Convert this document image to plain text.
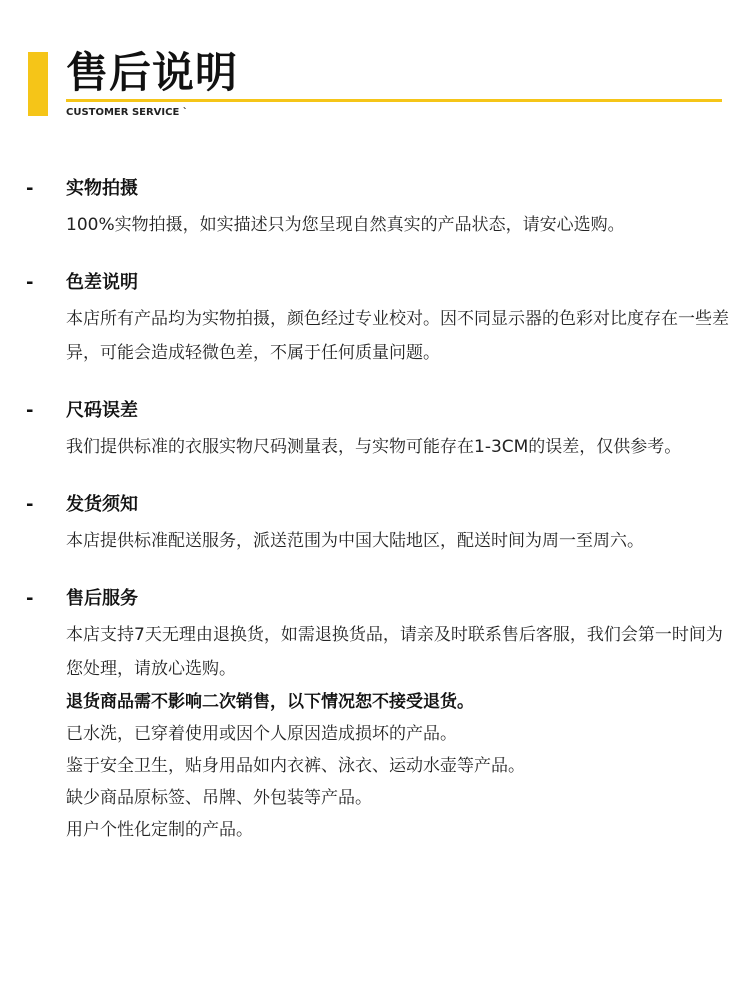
售后说明
CUSTOMER SERVICE `
- 实物拍摄

100%实物拍摄，如实描述只为您呈现自然真实的产品状态，请安心选购。

- 色差说明

本店所有产品均为实物拍摄，颜色经过专业校对。因不同显示器的色彩对比度存在一些差异，可能会造成轻微色差，不属于任何质量问题。

- 尺码误差

我们提供标准的衣服实物尺码测量表，与实物可能存在1-3CM的误差，仅供参考。

- 发货须知

本店提供标准配送服务，派送范围为中国大陆地区，配送时间为周一至周六。

- 售后服务

本店支持7天无理由退换货，如需退换货品，请亲及时联系售后客服，我们会第一时间为您处理，请放心选购。

退货商品需不影响二次销售，以下情况恕不接受退货。

已水洗，已穿着使用或因个人原因造成损坏的产品。

鉴于安全卫生，贴身用品如内衣裤、泳衣、运动水壶等产品。

缺少商品原标签、吊牌、外包装等产品。

用户个性化定制的产品。
